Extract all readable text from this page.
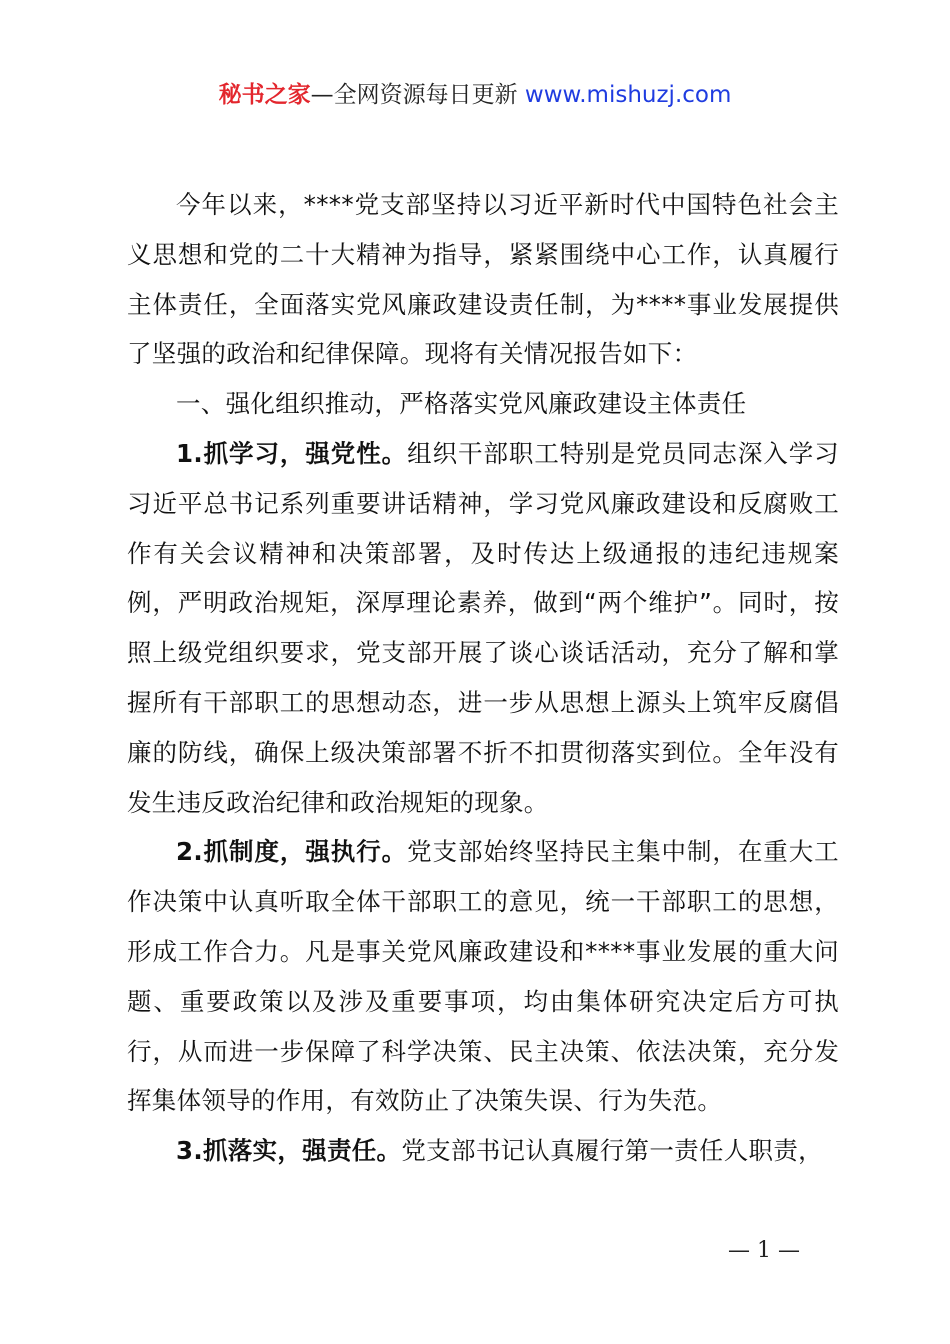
秘书之家—全网资源每日更新 www.mishuzj.com

今年以来，****党支部坚持以习近平新时代中国特色社会主义思想和党的二十大精神为指导，紧紧围绕中心工作，认真履行主体责任，全面落实党风廉政建设责任制，为****事业发展提供了坚强的政治和纪律保障。现将有关情况报告如下：

一、强化组织推动，严格落实党风廉政建设主体责任

1.抓学习，强党性。组织干部职工特别是党员同志深入学习习近平总书记系列重要讲话精神，学习党风廉政建设和反腐败工作有关会议精神和决策部署，及时传达上级通报的违纪违规案例，严明政治规矩，深厚理论素养，做到“两个维护”。同时，按照上级党组织要求，党支部开展了谈心谈话活动，充分了解和掌握所有干部职工的思想动态，进一步从思想上源头上筑牢反腐倡廉的防线，确保上级决策部署不折不扣贯彻落实到位。全年没有发生违反政治纪律和政治规矩的现象。

2.抓制度，强执行。党支部始终坚持民主集中制，在重大工作决策中认真听取全体干部职工的意见，统一干部职工的思想，形成工作合力。凡是事关党风廉政建设和****事业发展的重大问题、重要政策以及涉及重要事项，均由集体研究决定后方可执行，从而进一步保障了科学决策、民主决策、依法决策，充分发挥集体领导的作用，有效防止了决策失误、行为失范。

3.抓落实，强责任。党支部书记认真履行第一责任人职责，

— 1 —
